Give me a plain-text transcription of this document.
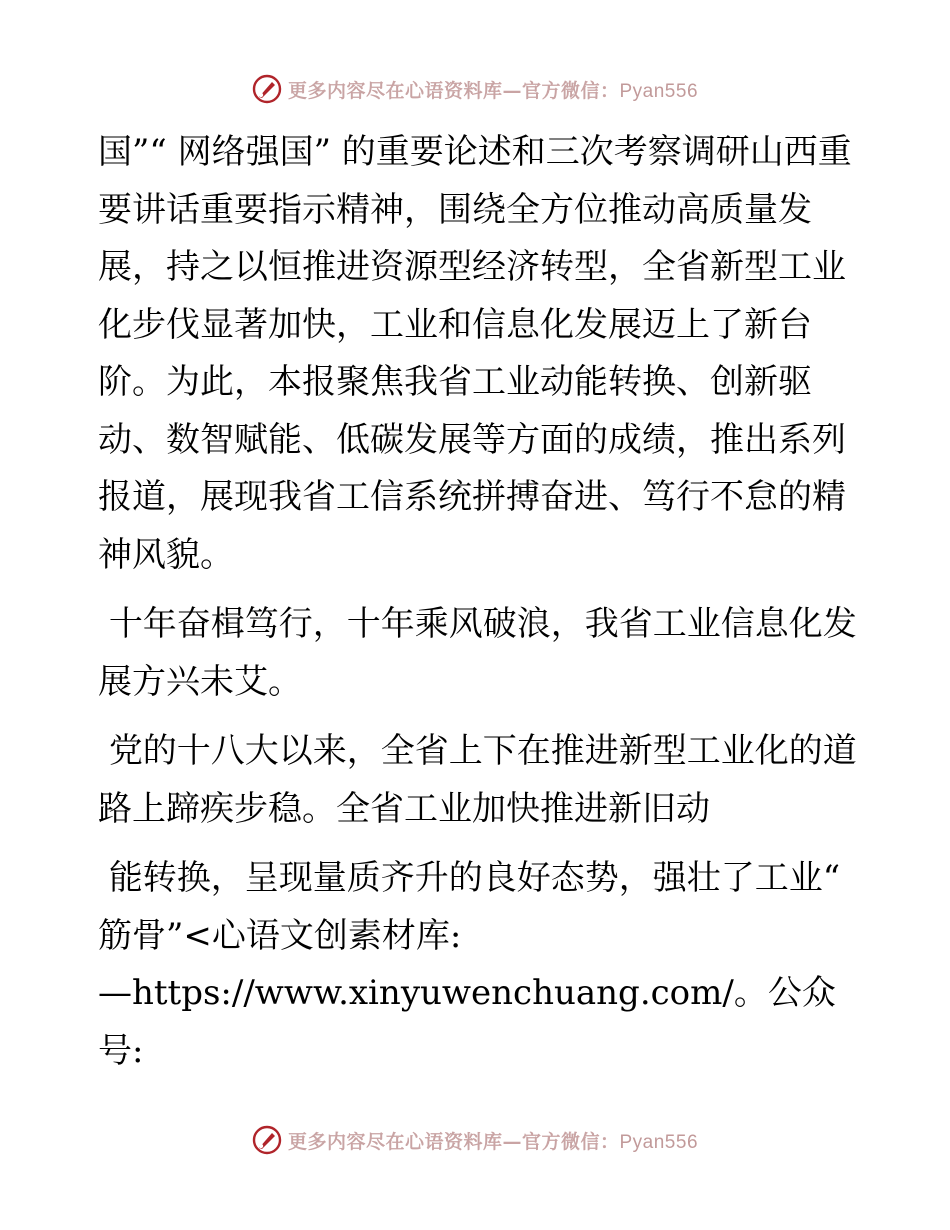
更多内容尽在心语资料库—官方微信：Pyan556

国”“ 网络强国” 的重要论述和三次考察调研山西重要讲话重要指示精神，围绕全方位推动高质量发展，持之以恒推进资源型经济转型，全省新型工业化步伐显著加快，工业和信息化发展迈上了新台阶。为此，本报聚焦我省工业动能转换、创新驱动、数智赋能、低碳发展等方面的成绩，推出系列报道，展现我省工信系统拼搏奋进、笃行不怠的精神风貌。

十年奋楫笃行，十年乘风破浪，我省工业信息化发展方兴未艾。

党的十八大以来，全省上下在推进新型工业化的道路上蹄疾步稳。全省工业加快推进新旧动

能转换，呈现量质齐升的良好态势，强壮了工业“ 筋骨”<心语文创素材库:
—https://www.xinyuwenchuang.com/。公众号:

更多内容尽在心语资料库—官方微信：Pyan556
